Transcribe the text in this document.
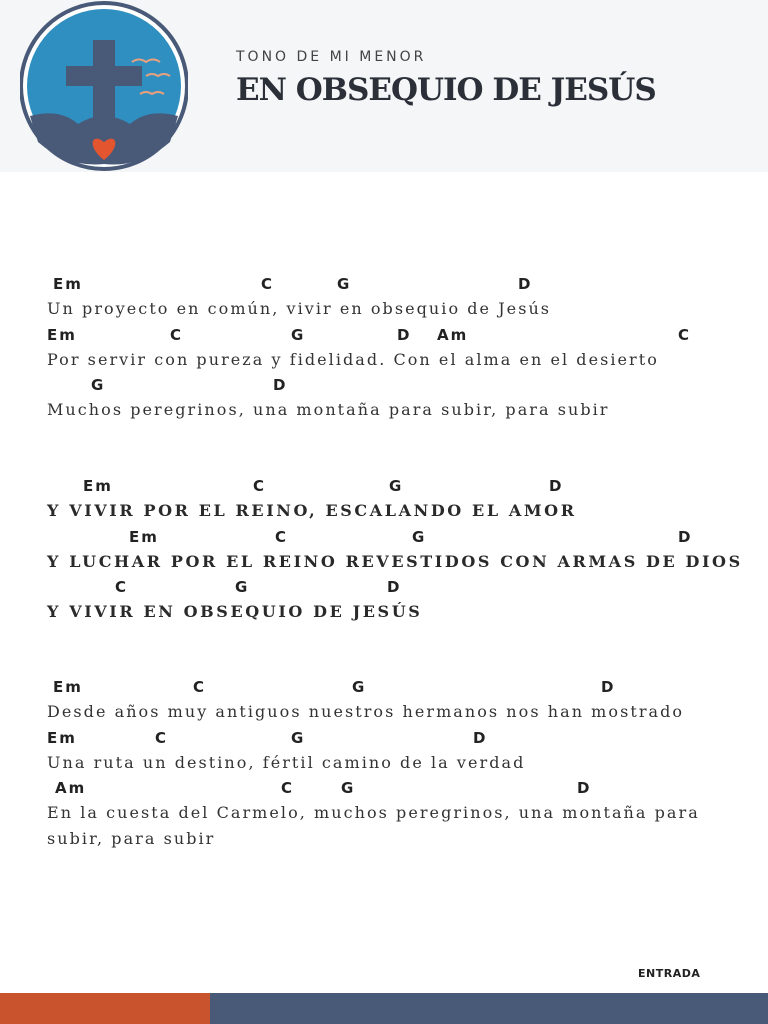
TONO DE MI MENOR
EN OBSEQUIO DE JESÚS
Em	C	G	D
Un proyecto en común, vivir en obsequio de Jesús
Em	C	G	D Am	C
Por servir con pureza y fidelidad. Con el alma en el desierto
G	D
Muchos peregrinos, una montaña para subir, para subir
Em	C	G	D
Y VIVIR POR EL REINO, ESCALANDO EL AMOR
Em	C	G	D
Y LUCHAR POR EL REINO REVESTIDOS CON ARMAS DE DIOS
C	G	D
Y VIVIR EN OBSEQUIO DE JESÚS
Em	C	G	D
Desde años muy antiguos nuestros hermanos nos han mostrado
Em	C	G	D
Una ruta un destino, fértil camino de la verdad
Am	C	G	D
En la cuesta del Carmelo, muchos peregrinos, una montaña para
subir, para subir
ENTRADA
